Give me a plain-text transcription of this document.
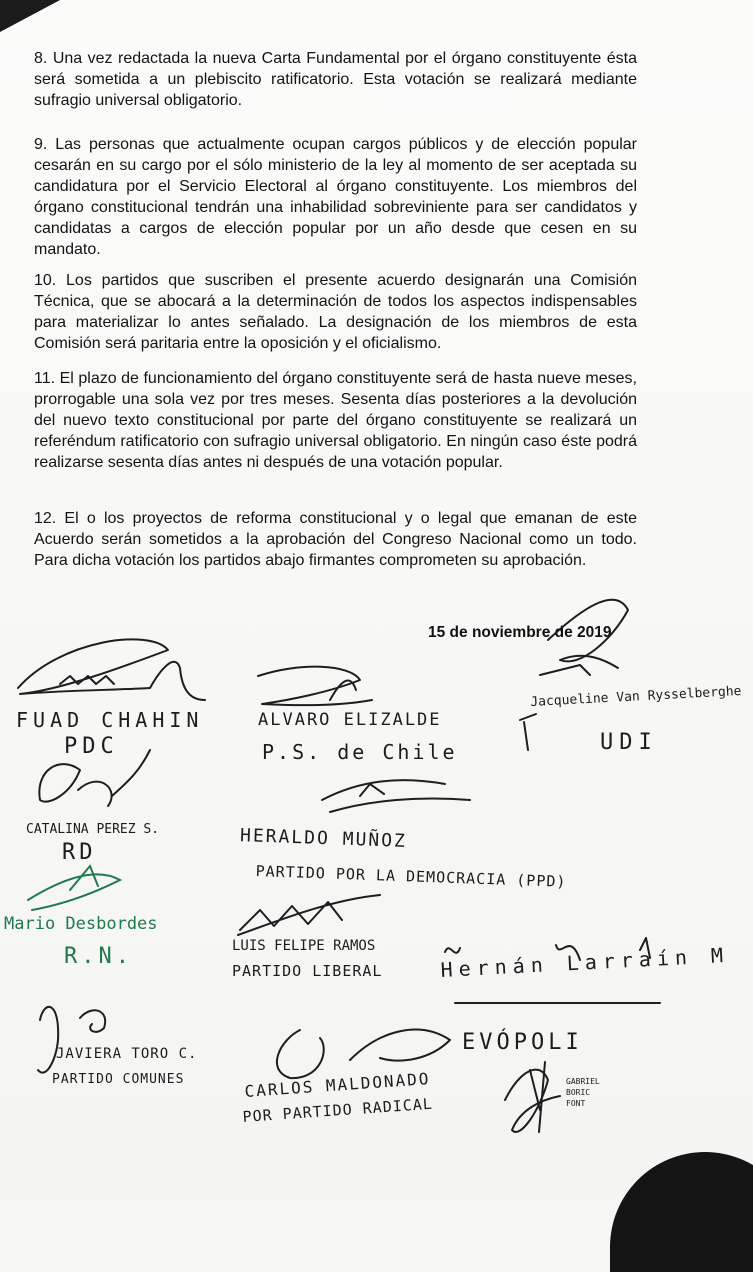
8. Una vez redactada la nueva Carta Fundamental por el órgano constituyente ésta será sometida a un plebiscito ratificatorio. Esta votación se realizará mediante sufragio universal obligatorio.

9. Las personas que actualmente ocupan cargos públicos y de elección popular cesarán en su cargo por el sólo ministerio de la ley al momento de ser aceptada su candidatura por el Servicio Electoral al órgano constituyente. Los miembros del órgano constitucional tendrán una inhabilidad sobreviniente para ser candidatos y candidatas a cargos de elección popular por un año desde que cesen en su mandato.

10. Los partidos que suscriben el presente acuerdo designarán una Comisión Técnica, que se abocará a la determinación de todos los aspectos indispensables para materializar lo antes señalado. La designación de los miembros de esta Comisión será paritaria entre la oposición y el oficialismo.

11. El plazo de funcionamiento del órgano constituyente será de hasta nueve meses, prorrogable una sola vez por tres meses. Sesenta días posteriores a la devolución del nuevo texto constitucional por parte del órgano constituyente se realizará un referéndum ratificatorio con sufragio universal obligatorio. En ningún caso éste podrá realizarse sesenta días antes ni después de una votación popular.

12. El o los proyectos de reforma constitucional y o legal que emanan de este Acuerdo serán sometidos a la aprobación del Congreso Nacional como un todo. Para dicha votación los partidos abajo firmantes comprometen su aprobación.

15 de noviembre de 2019
FUAD CHAHIN
PDC
ALVARO ELIZALDE
P.S. de Chile
Jacqueline Van Rysselberghe
UDI
CATALINA PEREZ S.
RD
HERALDO MUÑOZ
PARTIDO POR LA DEMOCRACIA (PPD)
Mario Desbordes
R.N.	LUIS FELIPE RAMOS
PARTIDO LIBERAL	Hernán Larraín M
JAVIERA TORO C.
PARTIDO COMUNES
EVÓPOLI
CARLOS MALDONADO
POR PARTIDO RADICAL
GABRIEL BORIC FONT
